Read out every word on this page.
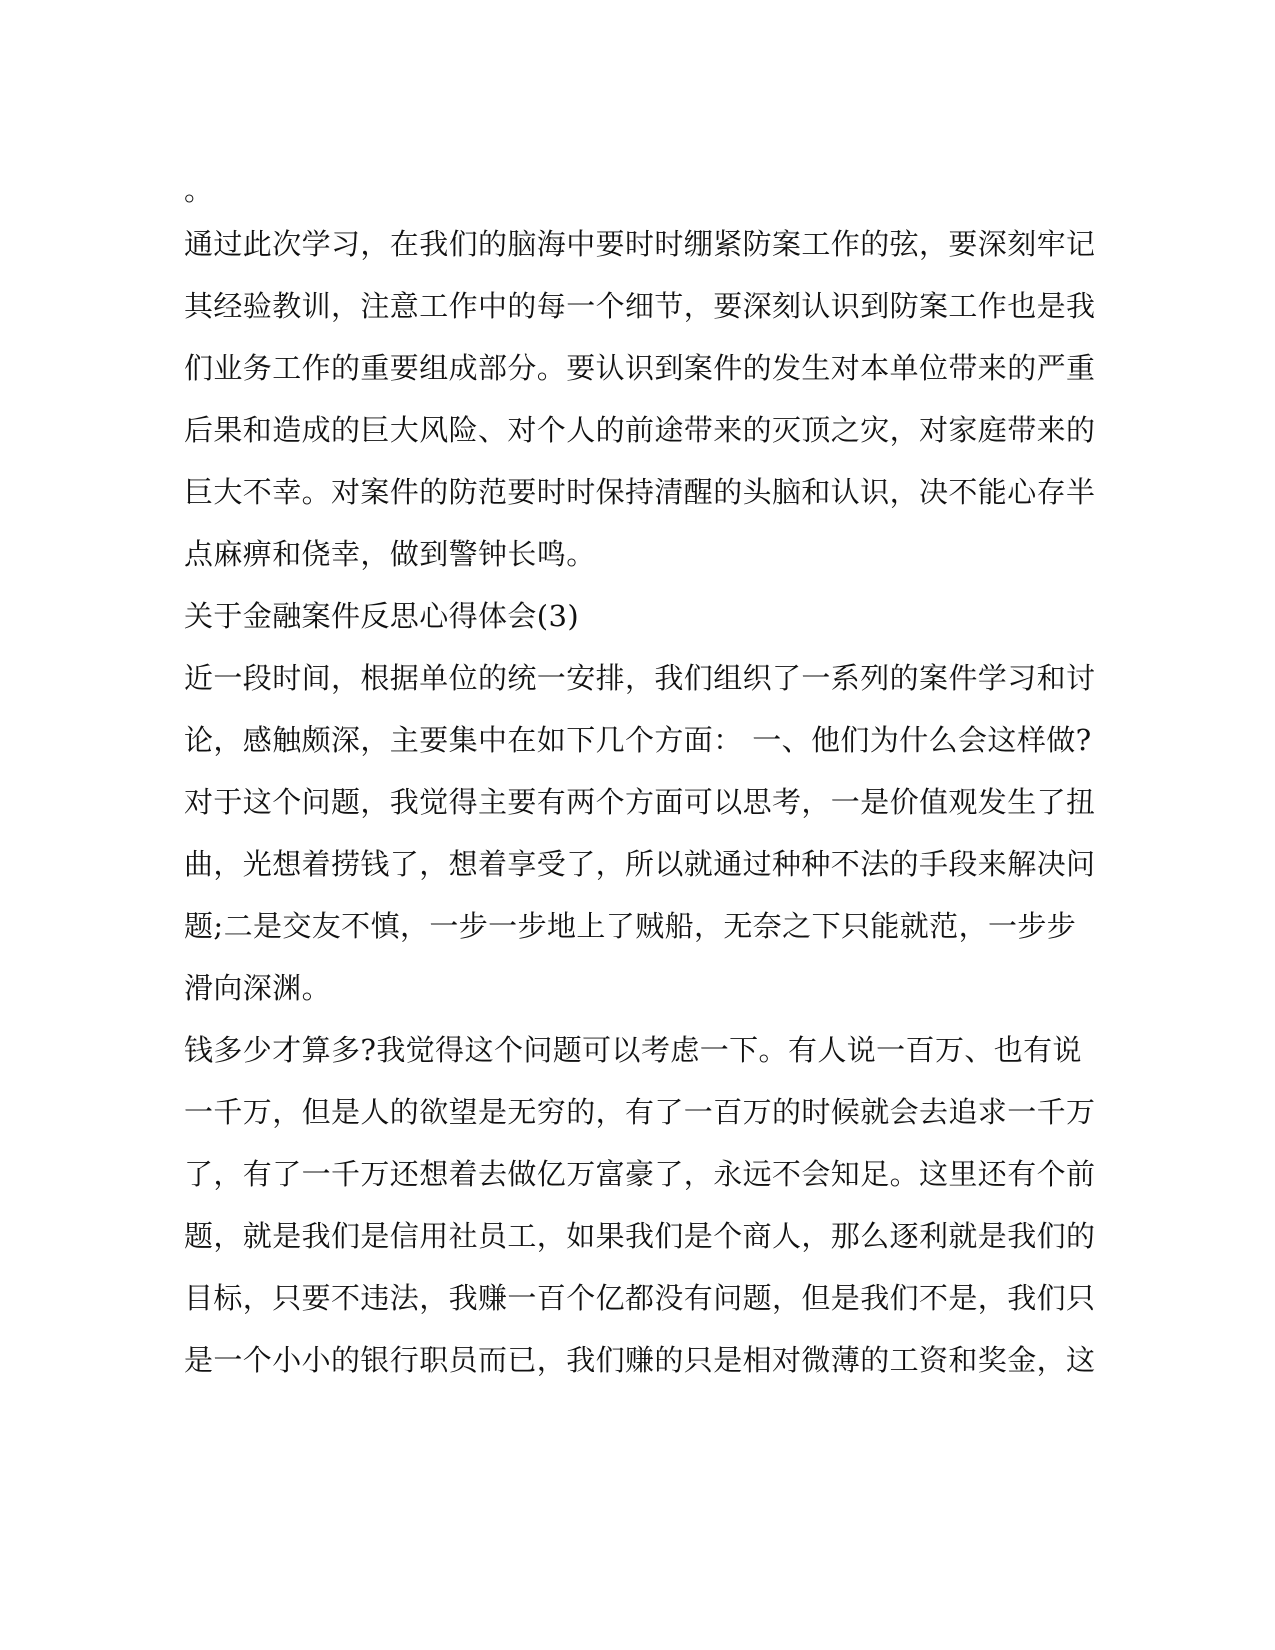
。
通过此次学习，在我们的脑海中要时时绷紧防案工作的弦，要深刻牢记
其经验教训，注意工作中的每一个细节，要深刻认识到防案工作也是我
们业务工作的重要组成部分。要认识到案件的发生对本单位带来的严重
后果和造成的巨大风险、对个人的前途带来的灭顶之灾，对家庭带来的
巨大不幸。对案件的防范要时时保持清醒的头脑和认识，决不能心存半
点麻痹和侥幸，做到警钟长鸣。
关于金融案件反思心得体会(3)
近一段时间，根据单位的统一安排，我们组织了一系列的案件学习和讨
论，感触颇深，主要集中在如下几个方面： 一、他们为什么会这样做?
对于这个问题，我觉得主要有两个方面可以思考，一是价值观发生了扭
曲，光想着捞钱了，想着享受了，所以就通过种种不法的手段来解决问
题;二是交友不慎，一步一步地上了贼船，无奈之下只能就范，一步步
滑向深渊。
钱多少才算多?我觉得这个问题可以考虑一下。有人说一百万、也有说
一千万，但是人的欲望是无穷的，有了一百万的时候就会去追求一千万
了，有了一千万还想着去做亿万富豪了，永远不会知足。这里还有个前
题，就是我们是信用社员工，如果我们是个商人，那么逐利就是我们的
目标，只要不违法，我赚一百个亿都没有问题，但是我们不是，我们只
是一个小小的银行职员而已，我们赚的只是相对微薄的工资和奖金，这
